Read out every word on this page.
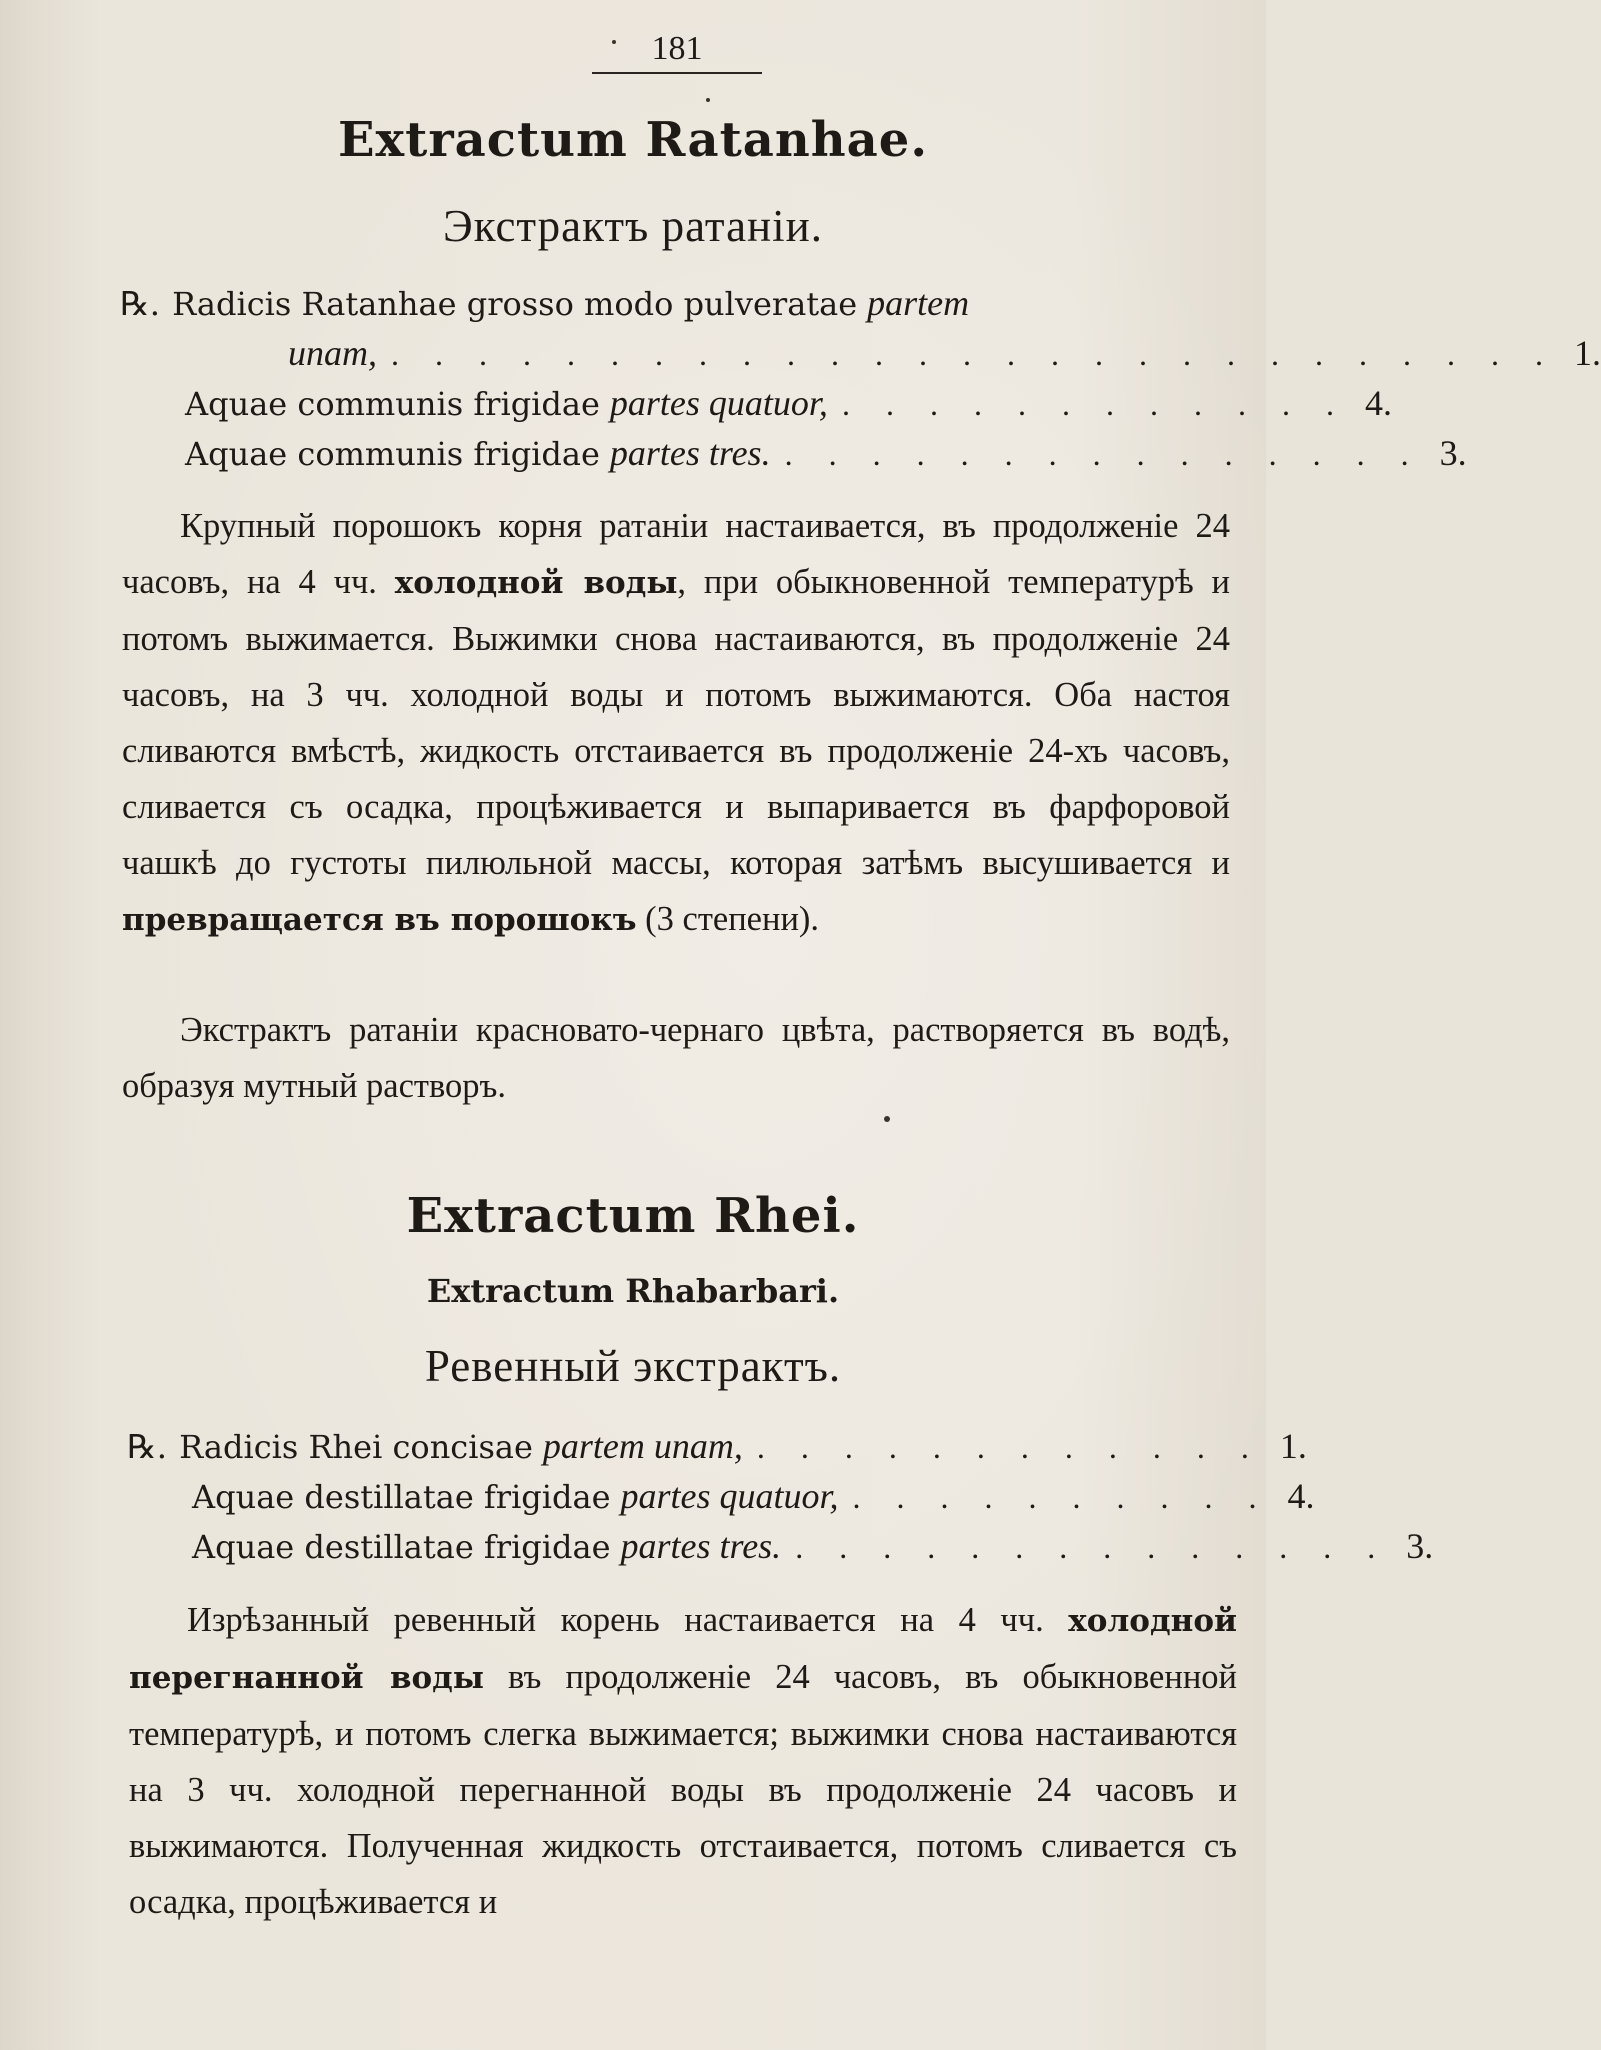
181
Extractum Ratanhae.
Экстрактъ ратаніи.
℞. Radicis Ratanhae grosso modo pulveratae partem
unam, . . . . . . . . . . . . . . . . . . . . . . . . . . . 1.
Aquae communis frigidae partes quatuor, . . . . . . . . . . . . 4.
Aquae communis frigidae partes tres. . . . . . . . . . . . . . . . 3.

Крупный порошокъ корня ратаніи настаивается, въ продолженіе 24 часовъ, на 4 чч. холодной воды, при обыкновенной температурѣ и потомъ выжимается. Выжимки снова настаиваются, въ продолженіе 24 часовъ, на 3 чч. холодной воды и потомъ выжимаются. Оба настоя сливаются вмѣстѣ, жидкость отстаивается въ продолженіе 24-хъ часовъ, сливается съ осадка, процѣживается и выпаривается въ фарфоровой чашкѣ до густоты пилюльной массы, которая затѣмъ высушивается и превращается въ порошокъ (3 степени).

Экстрактъ ратаніи красновато-чернаго цвѣта, растворяется въ водѣ, образуя мутный растворъ.

Extractum Rhei.
Extractum Rhabarbari.
Ревенный экстрактъ.
℞. Radicis Rhei concisae partem unam, . . . . . . . . . . . . 1.
Aquae destillatae frigidae partes quatuor, . . . . . . . . . . 4.
Aquae destillatae frigidae partes tres. . . . . . . . . . . . . . . 3.

Изрѣзанный ревенный корень настаивается на 4 чч. холодной перегнанной воды въ продолженіе 24 часовъ, въ обыкновенной температурѣ, и потомъ слегка выжимается; выжимки снова настаиваются на 3 чч. холодной перегнанной воды въ продолженіе 24 часовъ и выжимаются. Полученная жидкость отстаивается, потомъ сливается съ осадка, процѣживается и
